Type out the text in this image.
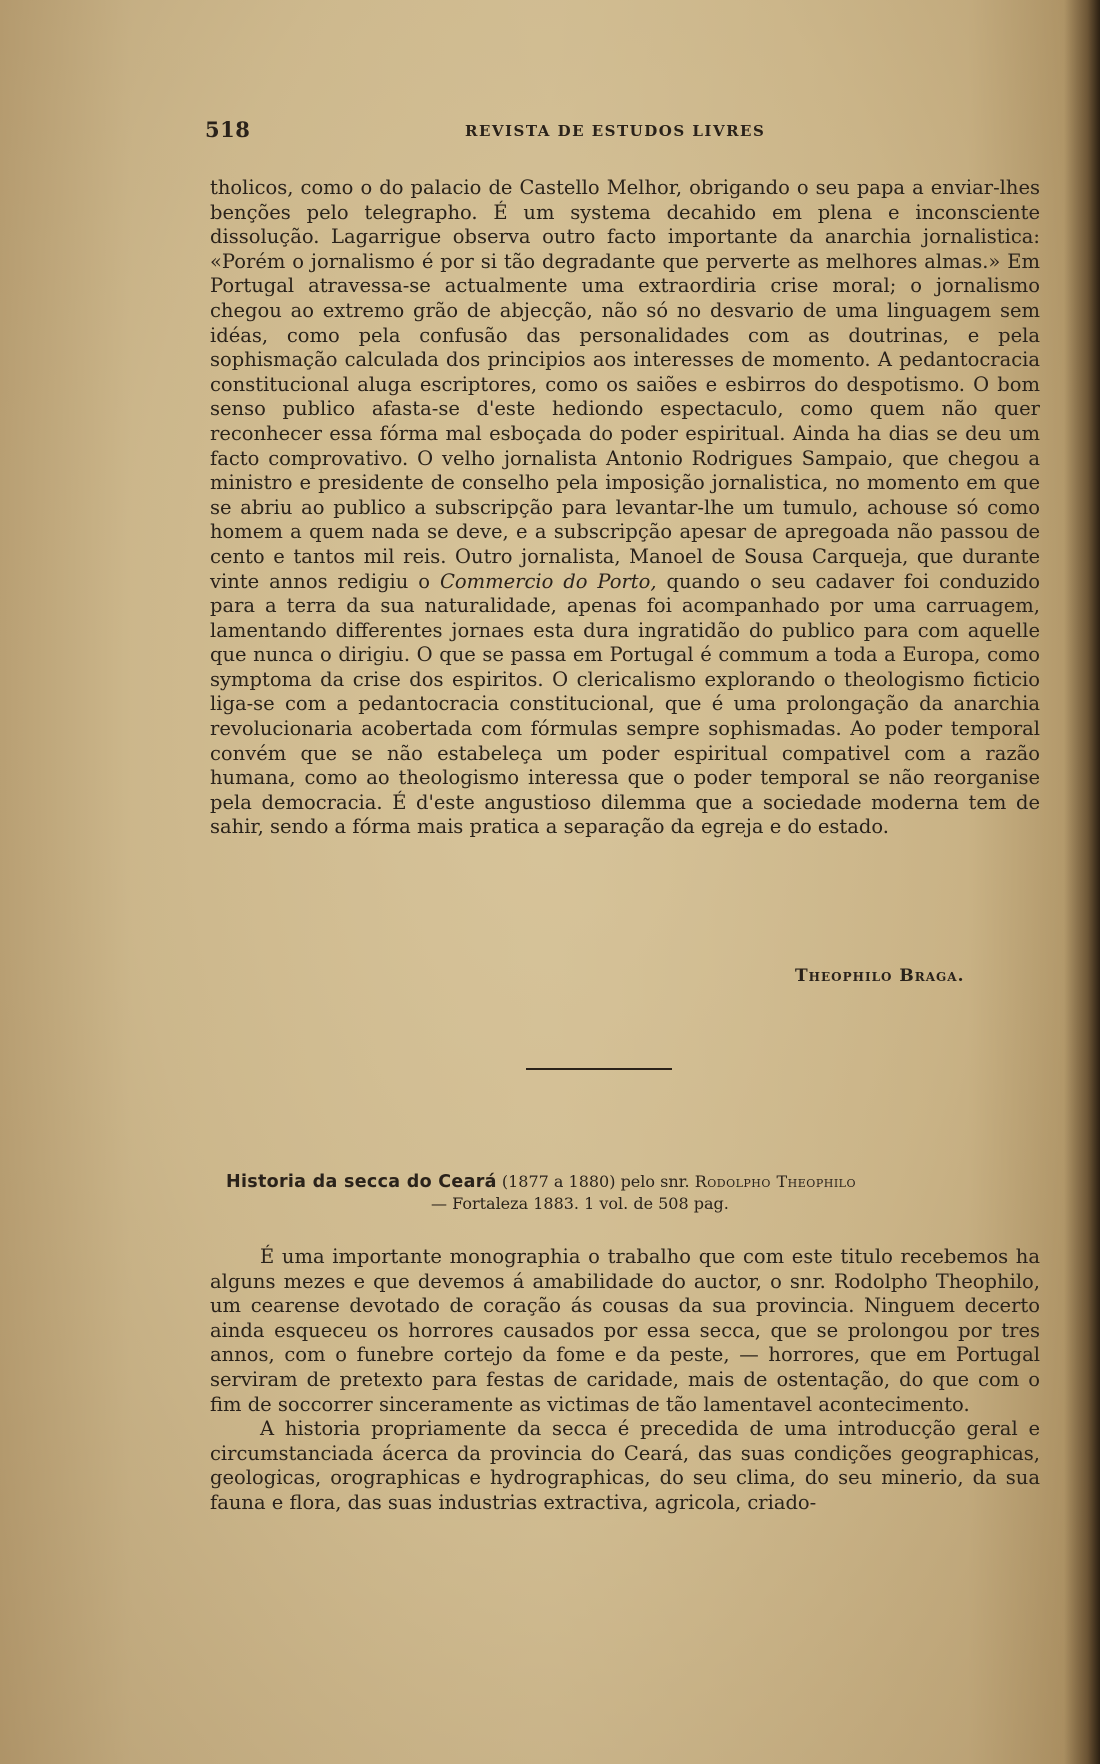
518	REVISTA DE ESTUDOS LIVRES

tholicos, como o do palacio de Castello Melhor, obrigando o seu papa a enviar-lhes benções pelo telegrapho. É um systema decahido em plena e inconsciente dissolução. Lagarrigue observa outro facto importante da anarchia jornalistica: «Porém o jornalismo é por si tão degradante que perverte as melhores almas.» Em Portugal atravessa-se actualmente uma extraordiria crise moral; o jornalismo chegou ao extremo grão de abjecção, não só no desvario de uma linguagem sem idéas, como pela confusão das personalidades com as doutrinas, e pela sophismação calculada dos principios aos interesses de momento. A pedantocracia constitucional aluga escriptores, como os saiões e esbirros do despotismo. O bom senso publico afasta-se d'este hediondo espectaculo, como quem não quer reconhecer essa fórma mal esboçada do poder espiritual. Ainda ha dias se deu um facto comprovativo. O velho jornalista Antonio Rodrigues Sampaio, que chegou a ministro e presidente de conselho pela imposição jornalistica, no momento em que se abriu ao publico a subscripção para levantar-lhe um tumulo, achouse só como homem a quem nada se deve, e a subscripção apesar de apregoada não passou de cento e tantos mil reis. Outro jornalista, Manoel de Sousa Carqueja, que durante vinte annos redigiu o Commercio do Porto, quando o seu cadaver foi conduzido para a terra da sua naturalidade, apenas foi acompanhado por uma carruagem, lamentando differentes jornaes esta dura ingratidão do publico para com aquelle que nunca o dirigiu. O que se passa em Portugal é commum a toda a Europa, como symptoma da crise dos espiritos. O clericalismo explorando o theologismo ficticio liga-se com a pedantocracia constitucional, que é uma prolongação da anarchia revolucionaria acobertada com fórmulas sempre sophismadas. Ao poder temporal convém que se não estabeleça um poder espiritual compativel com a razão humana, como ao theologismo interessa que o poder temporal se não reorganise pela democracia. É d'este angustioso dilemma que a sociedade moderna tem de sahir, sendo a fórma mais pratica a separação da egreja e do estado.

Theophilo Braga.
Historia da secca do Ceará (1877 a 1880) pelo snr. Rodolpho Theophilo
— Fortaleza 1883. 1 vol. de 508 pag.

É uma importante monographia o trabalho que com este titulo recebemos ha alguns mezes e que devemos á amabilidade do auctor, o snr. Rodolpho Theophilo, um cearense devotado de coração ás cousas da sua provincia. Ninguem decerto ainda esqueceu os horrores causados por essa secca, que se prolongou por tres annos, com o funebre cortejo da fome e da peste, — horrores, que em Portugal serviram de pretexto para festas de caridade, mais de ostentação, do que com o fim de soccorrer sinceramente as victimas de tão lamentavel acontecimento.

A historia propriamente da secca é precedida de uma introducção geral e circumstanciada ácerca da provincia do Ceará, das suas condições geographicas, geologicas, orographicas e hydrographicas, do seu clima, do seu minerio, da sua fauna e flora, das suas industrias extractiva, agricola, criado-
